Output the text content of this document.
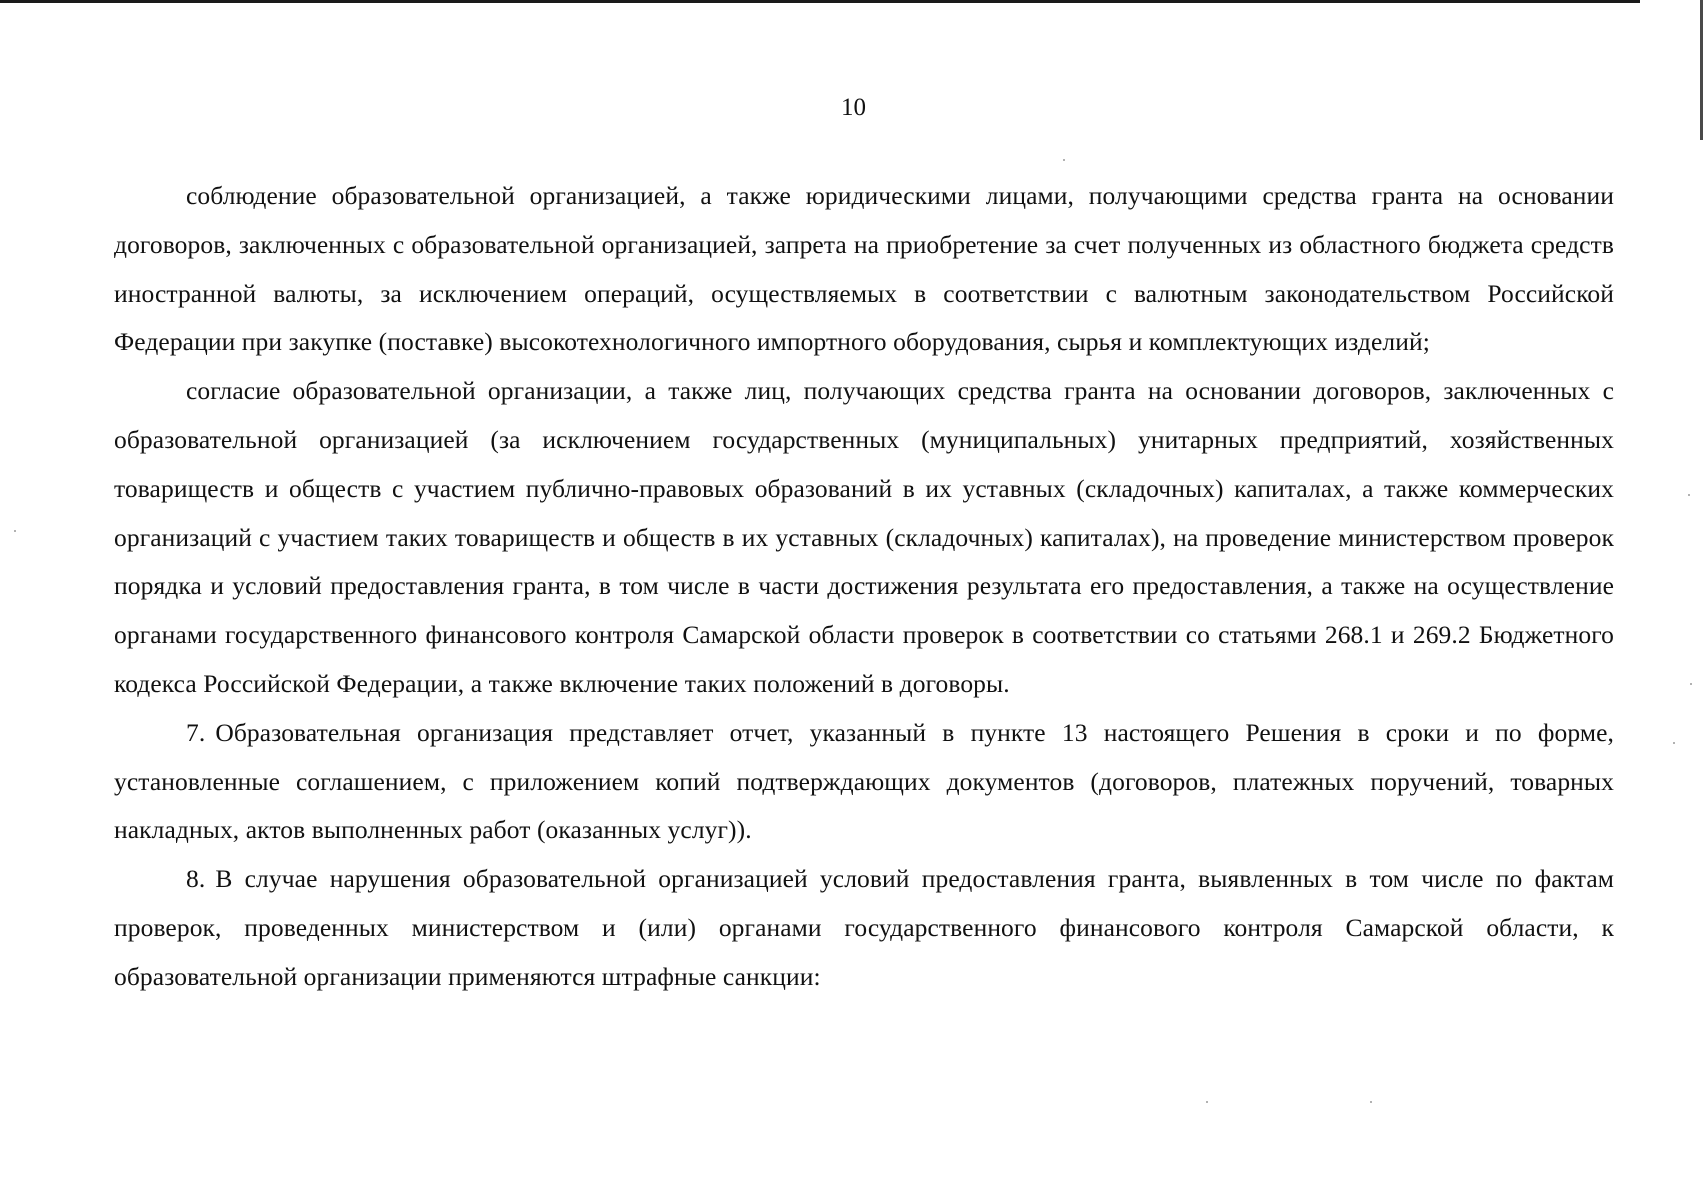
10

соблюдение образовательной организацией, а также юридическими лицами, получающими средства гранта на основании договоров, заключенных с образовательной организацией, запрета на приобретение за счет полученных из областного бюджета средств иностранной валюты, за исключением операций, осуществляемых в соответствии с валютным законодательством Российской Федерации при закупке (поставке) высокотехнологичного импортного оборудования, сырья и комплектующих изделий;

согласие образовательной организации, а также лиц, получающих средства гранта на основании договоров, заключенных с образовательной организацией (за исключением государственных (муниципальных) унитарных предприятий, хозяйственных товариществ и обществ с участием публично-правовых образований в их уставных (складочных) капиталах, а также коммерческих организаций с участием таких товариществ и обществ в их уставных (складочных) капиталах), на проведение министерством проверок порядка и условий предоставления гранта, в том числе в части достижения результата его предоставления, а также на осуществление органами государственного финансового контроля Самарской области проверок в соответствии со статьями 268.1 и 269.2 Бюджетного кодекса Российской Федерации, а также включение таких положений в договоры.

7. Образовательная организация представляет отчет, указанный в пункте 13 настоящего Решения в сроки и по форме, установленные соглашением, с приложением копий подтверждающих документов (договоров, платежных поручений, товарных накладных, актов выполненных работ (оказанных услуг)).

8. В случае нарушения образовательной организацией условий предоставления гранта, выявленных в том числе по фактам проверок, проведенных министерством и (или) органами государственного финансового контроля Самарской области, к образовательной организации применяются штрафные санкции:
